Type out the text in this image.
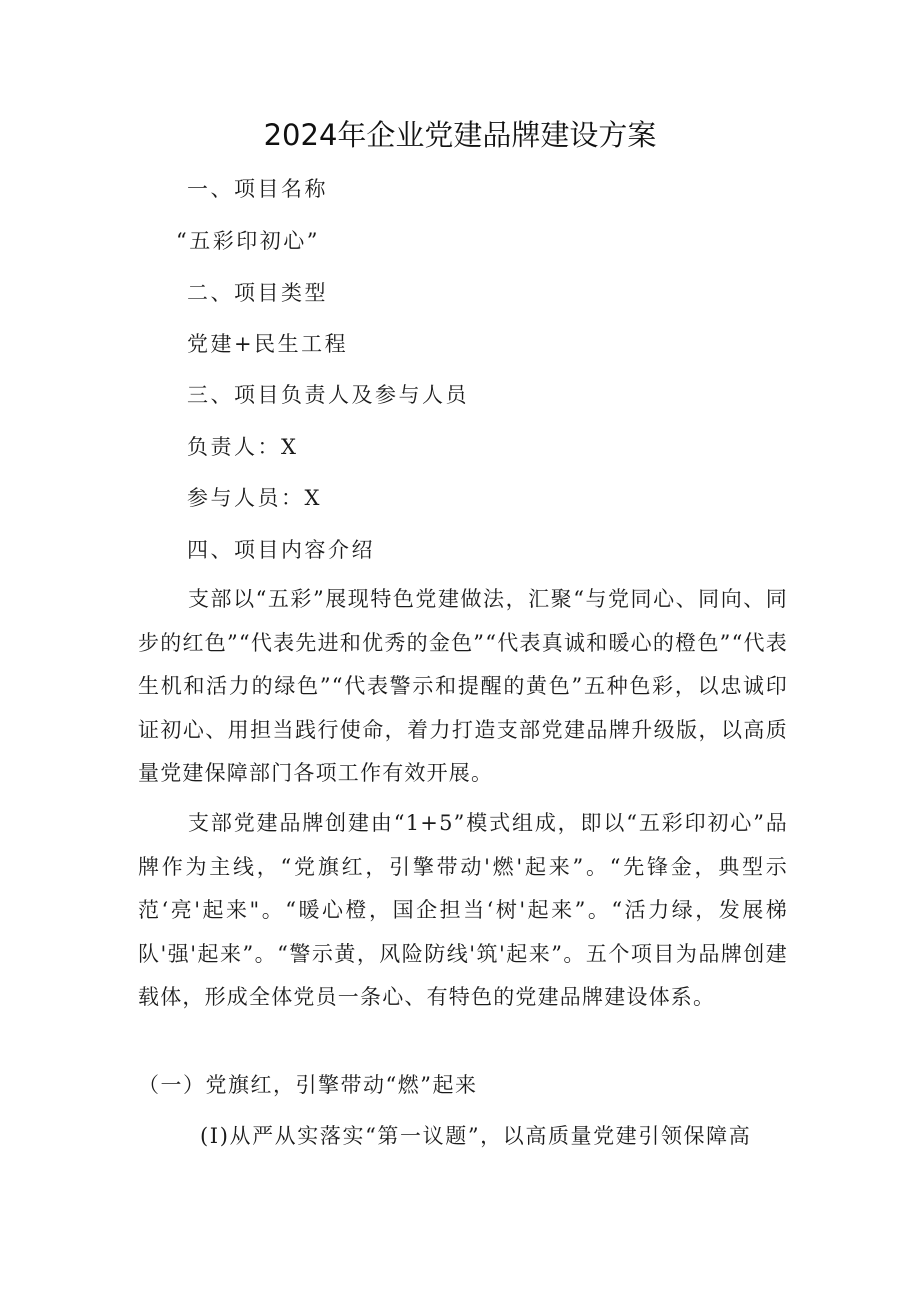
2024年企业党建品牌建设方案
一、项目名称
“五彩印初心”
二、项目类型
党建+民生工程
三、项目负责人及参与人员
负责人：X
参与人员：X
四、项目内容介绍
支部以“五彩”展现特色党建做法，汇聚“与党同心、同向、同步的红色”“代表先进和优秀的金色”“代表真诚和暖心的橙色”“代表生机和活力的绿色”“代表警示和提醒的黄色”五种色彩，以忠诚印证初心、用担当践行使命，着力打造支部党建品牌升级版，以高质量党建保障部门各项工作有效开展。
支部党建品牌创建由“1+5”模式组成，即以“五彩印初心”品牌作为主线，“党旗红，引擎带动'燃'起来”。“先锋金，典型示范‘亮'起来"。“暖心橙，国企担当‘树'起来”。“活力绿，发展梯队'强'起来”。“警示黄，风险防线'筑'起来”。五个项目为品牌创建载体，形成全体党员一条心、有特色的党建品牌建设体系。
（一）党旗红，引擎带动“燃”起来
(I)从严从实落实“第一议题”，以高质量党建引领保障高
